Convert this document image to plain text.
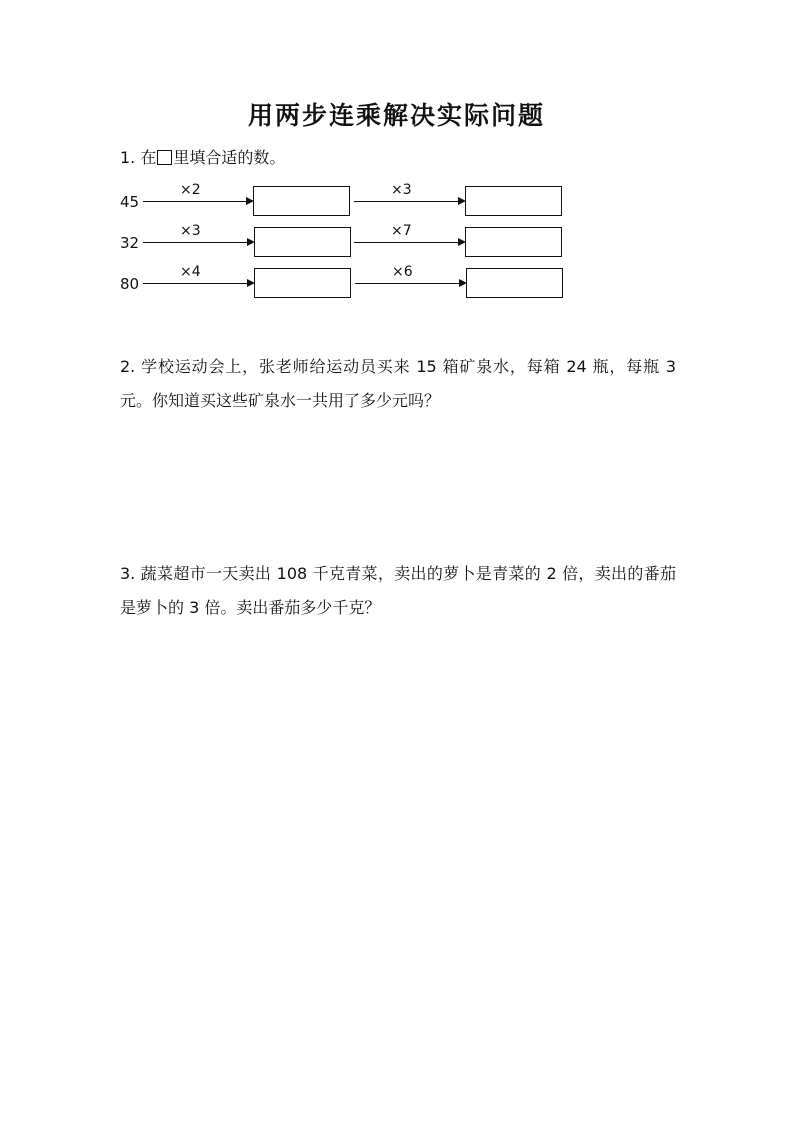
用两步连乘解决实际问题
1. 在 里填合适的数。
45
×2	×3
32
×3	×7
80
×4	×6
2. 学校运动会上，张老师给运动员买来 15 箱矿泉水，每箱 24 瓶，每瓶 3 元。你知道买这些矿泉水一共用了多少元吗？
3. 蔬菜超市一天卖出 108 千克青菜，卖出的萝卜是青菜的 2 倍，卖出的番茄是萝卜的 3 倍。卖出番茄多少千克？
